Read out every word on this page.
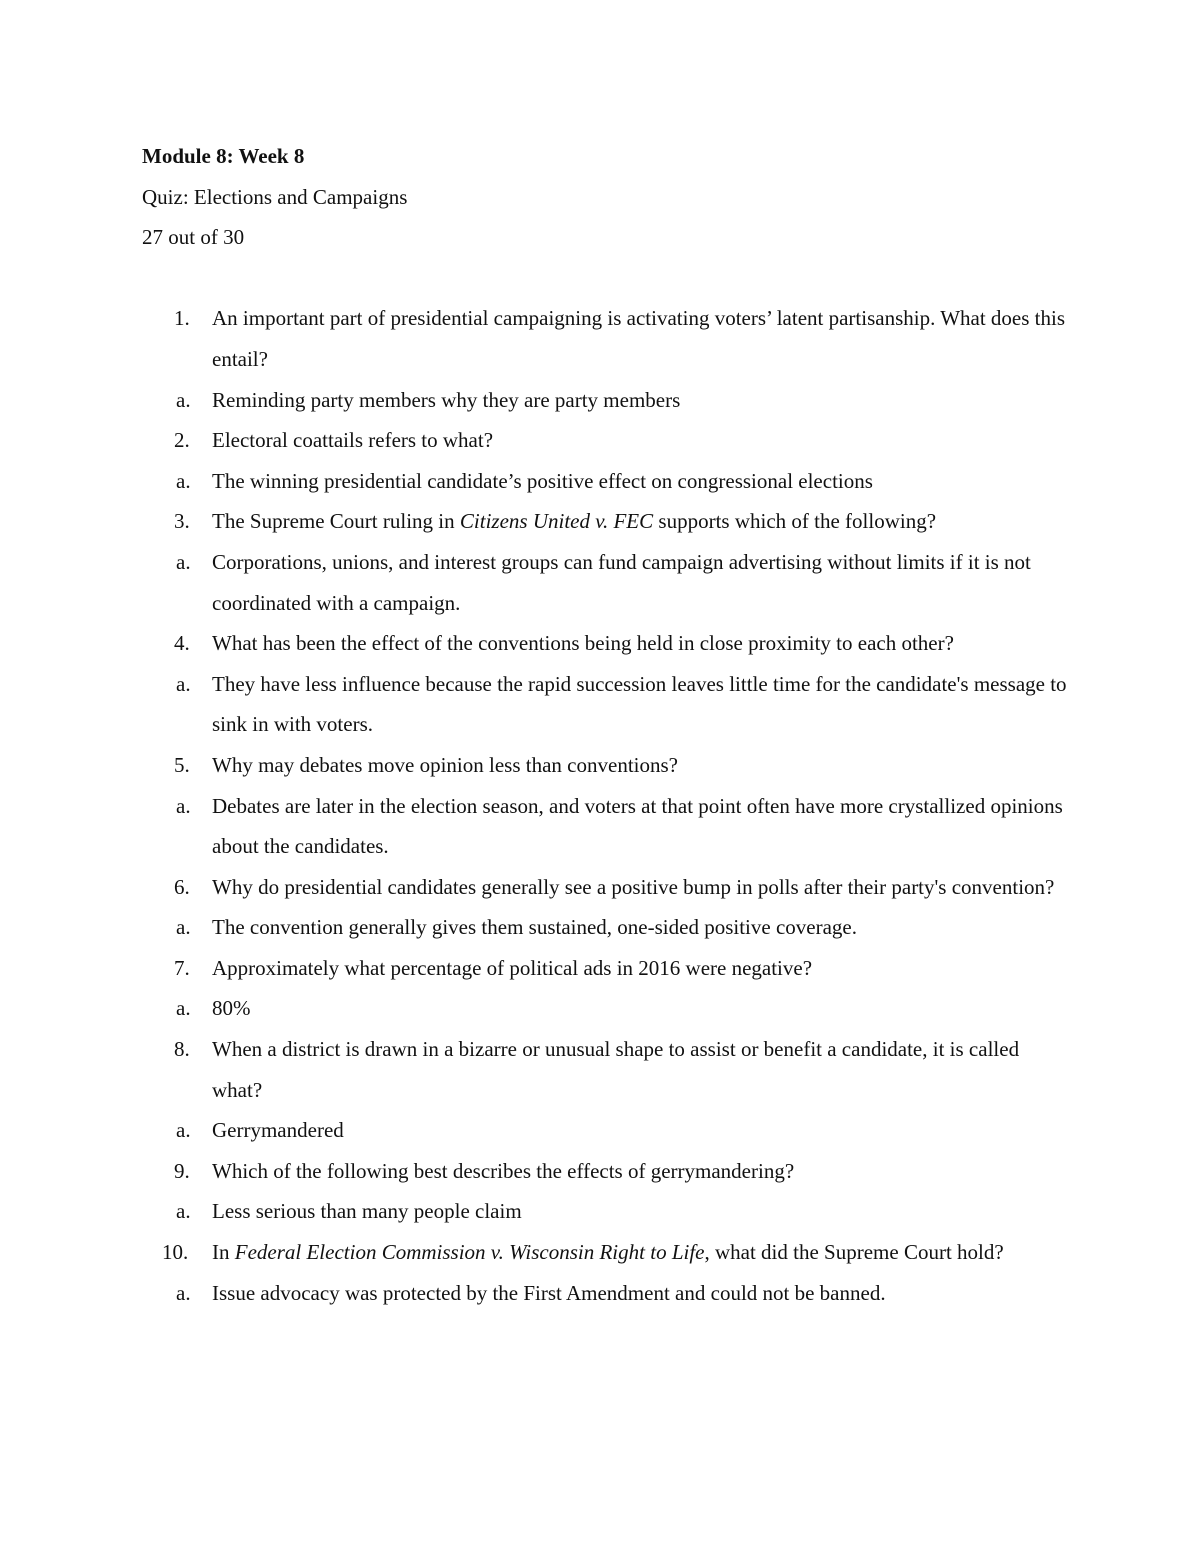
Module 8: Week 8

Quiz: Elections and Campaigns

27 out of 30

1. An important part of presidential campaigning is activating voters’ latent partisanship. What does this entail?
a. Reminding party members why they are party members
2. Electoral coattails refers to what?
a. The winning presidential candidate’s positive effect on congressional elections
3. The Supreme Court ruling in Citizens United v. FEC supports which of the following?
a. Corporations, unions, and interest groups can fund campaign advertising without limits if it is not coordinated with a campaign.
4. What has been the effect of the conventions being held in close proximity to each other?
a. They have less influence because the rapid succession leaves little time for the candidate's message to sink in with voters.
5. Why may debates move opinion less than conventions?
a. Debates are later in the election season, and voters at that point often have more crystallized opinions about the candidates.
6. Why do presidential candidates generally see a positive bump in polls after their party's convention?
a. The convention generally gives them sustained, one-sided positive coverage.
7. Approximately what percentage of political ads in 2016 were negative?
a. 80%
8. When a district is drawn in a bizarre or unusual shape to assist or benefit a candidate, it is called what?
a. Gerrymandered
9. Which of the following best describes the effects of gerrymandering?
a. Less serious than many people claim
10. In Federal Election Commission v. Wisconsin Right to Life, what did the Supreme Court hold?
a. Issue advocacy was protected by the First Amendment and could not be banned.
